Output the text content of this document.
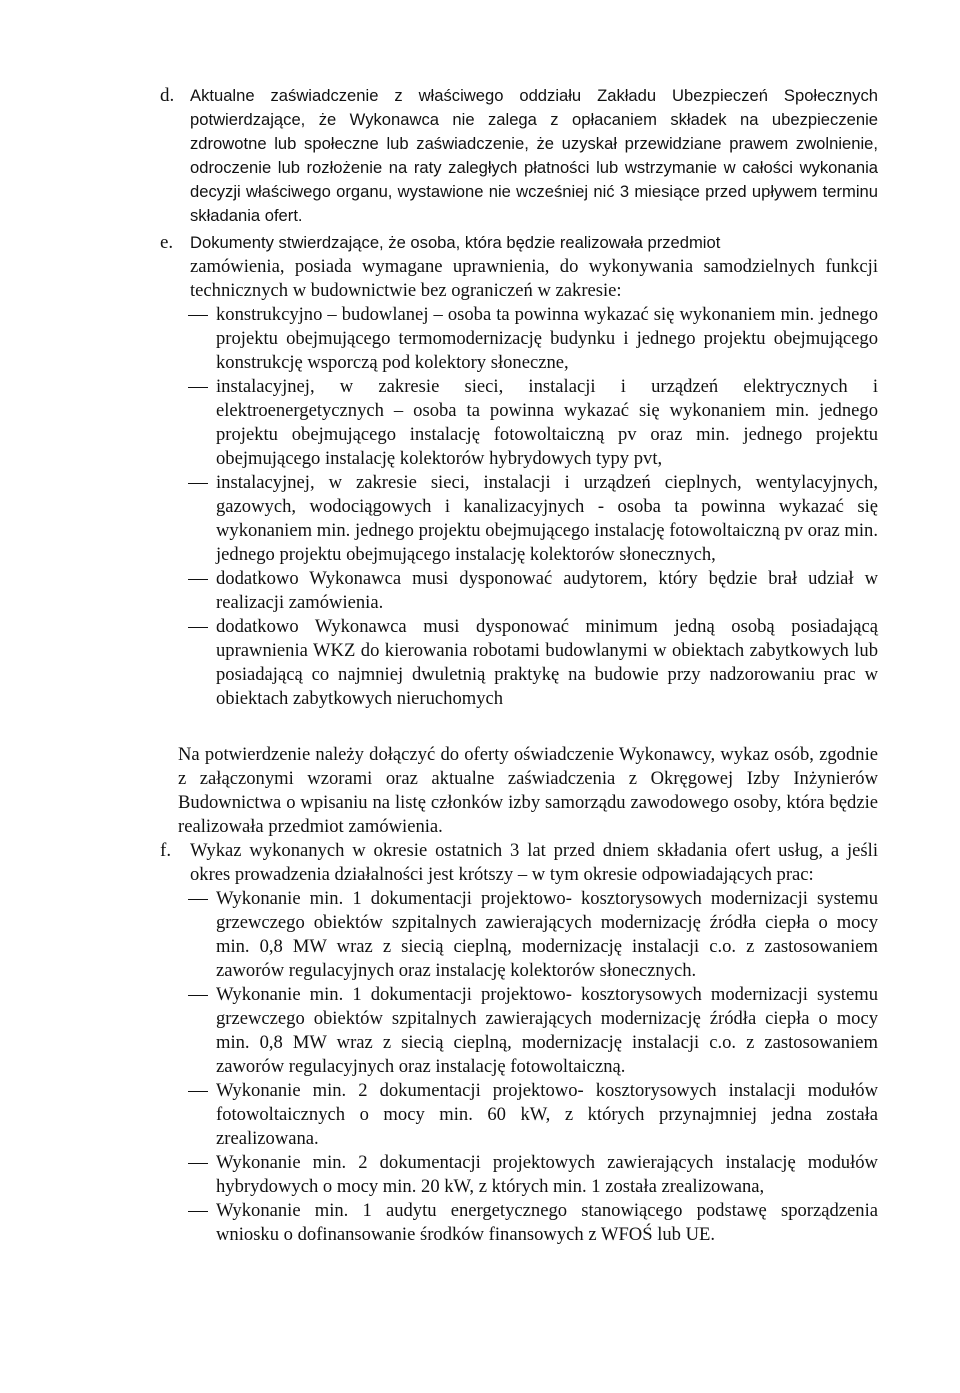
d. Aktualne zaświadczenie z właściwego oddziału Zakładu Ubezpieczeń Społecznych potwierdzające, że Wykonawca nie zalega z opłacaniem składek na ubezpieczenie zdrowotne lub społeczne lub zaświadczenie, że uzyskał przewidziane prawem zwolnienie, odroczenie lub rozłożenie na raty zaległych płatności lub wstrzymanie w całości wykonania decyzji właściwego organu, wystawione nie wcześniej nić 3 miesiące przed upływem terminu składania ofert.
e. Dokumenty stwierdzające, że osoba, która będzie realizowała przedmiot
zamówienia, posiada wymagane uprawnienia, do wykonywania samodzielnych funkcji technicznych w budownictwie bez ograniczeń w zakresie:
konstrukcyjno – budowlanej – osoba ta powinna wykazać się wykonaniem min. jednego projektu obejmującego termomodernizację budynku i jednego projektu obejmującego konstrukcję wsporczą pod kolektory słoneczne,
instalacyjnej, w zakresie sieci, instalacji i urządzeń elektrycznych i elektroenergetycznych – osoba ta powinna wykazać się wykonaniem min. jednego projektu obejmującego instalację fotowoltaiczną pv oraz min. jednego projektu obejmującego instalację kolektorów hybrydowych typy pvt,
instalacyjnej, w zakresie sieci, instalacji i urządzeń cieplnych, wentylacyjnych, gazowych, wodociągowych i kanalizacyjnych - osoba ta powinna wykazać się wykonaniem min. jednego projektu obejmującego instalację fotowoltaiczną pv oraz min. jednego projektu obejmującego instalację kolektorów słonecznych,
dodatkowo Wykonawca musi dysponować audytorem, który będzie brał udział w realizacji zamówienia.
dodatkowo Wykonawca musi dysponować minimum jedną osobą posiadającą uprawnienia WKZ do kierowania robotami budowlanymi w obiektach zabytkowych lub posiadającą co najmniej dwuletnią praktykę na budowie przy nadzorowaniu prac w obiektach zabytkowych nieruchomych
Na potwierdzenie należy dołączyć do oferty oświadczenie Wykonawcy, wykaz osób, zgodnie z załączonymi wzorami oraz aktualne zaświadczenia z Okręgowej Izby Inżynierów Budownictwa o wpisaniu na listę członków izby samorządu zawodowego osoby, która będzie realizowała przedmiot zamówienia.
f. Wykaz wykonanych w okresie ostatnich 3 lat przed dniem składania ofert usług, a jeśli okres prowadzenia działalności jest krótszy – w tym okresie odpowiadających prac:
Wykonanie min. 1 dokumentacji projektowo- kosztorysowych modernizacji systemu grzewczego obiektów szpitalnych zawierających modernizację źródła ciepła o mocy min. 0,8 MW wraz z siecią cieplną, modernizację instalacji c.o. z zastosowaniem zaworów regulacyjnych oraz instalację kolektorów słonecznych.
Wykonanie min. 1 dokumentacji projektowo- kosztorysowych modernizacji systemu grzewczego obiektów szpitalnych zawierających modernizację źródła ciepła o mocy min. 0,8 MW wraz z siecią cieplną, modernizację instalacji c.o. z zastosowaniem zaworów regulacyjnych oraz instalację fotowoltaiczną.
Wykonanie min. 2 dokumentacji projektowo- kosztorysowych instalacji modułów fotowoltaicznych o mocy min. 60 kW, z których przynajmniej jedna została zrealizowana.
Wykonanie min. 2 dokumentacji projektowych zawierających instalację modułów hybrydowych o mocy min. 20 kW, z których min. 1 została zrealizowana,
Wykonanie min. 1 audytu energetycznego stanowiącego podstawę sporządzenia wniosku o dofinansowanie środków finansowych z WFOŚ lub UE.
